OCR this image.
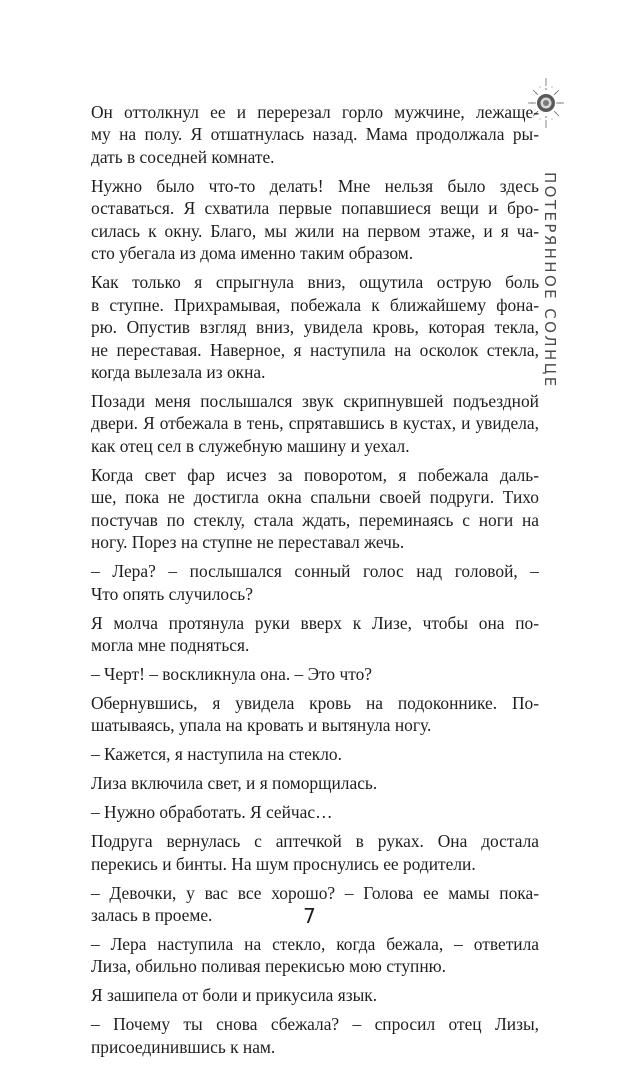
ПОТЕРЯННОЕ СОЛНЦЕ

Он оттолкнул ее и перерезал горло мужчине, лежаще-
му на полу. Я отшатнулась назад. Мама продолжала ры-
дать в соседней комнате.

Нужно было что-то делать! Мне нельзя было здесь
оставаться. Я схватила первые попавшиеся вещи и бро-
силась к окну. Благо, мы жили на первом этаже, и я ча-
сто убегала из дома именно таким образом.

Как только я спрыгнула вниз, ощутила острую боль
в ступне. Прихрамывая, побежала к ближайшему фона-
рю. Опустив взгляд вниз, увидела кровь, которая текла,
не переставая. Наверное, я наступила на осколок стекла,
когда вылезала из окна.

Позади меня послышался звук скрипнувшей подъездной
двери. Я отбежала в тень, спрятавшись в кустах, и увидела,
как отец сел в служебную машину и уехал.

Когда свет фар исчез за поворотом, я побежала даль-
ше, пока не достигла окна спальни своей подруги. Тихо
постучав по стеклу, стала ждать, переминаясь с ноги на
ногу. Порез на ступне не переставал жечь.

– Лера? – послышался сонный голос над головой, –
Что опять случилось?

Я молча протянула руки вверх к Лизе, чтобы она по-
могла мне подняться.

– Черт! – воскликнула она. – Это что?

Обернувшись, я увидела кровь на подоконнике. По-
шатываясь, упала на кровать и вытянула ногу.

– Кажется, я наступила на стекло.

Лиза включила свет, и я поморщилась.

– Нужно обработать. Я сейчас…

Подруга вернулась с аптечкой в руках. Она достала
перекись и бинты. На шум проснулись ее родители.

– Девочки, у вас все хорошо? – Голова ее мамы пока-
залась в проеме.

– Лера наступила на стекло, когда бежала, – ответила
Лиза, обильно поливая перекисью мою ступню.

Я зашипела от боли и прикусила язык.

– Почему ты снова сбежала? – спросил отец Лизы,
присоединившись к нам.

7
